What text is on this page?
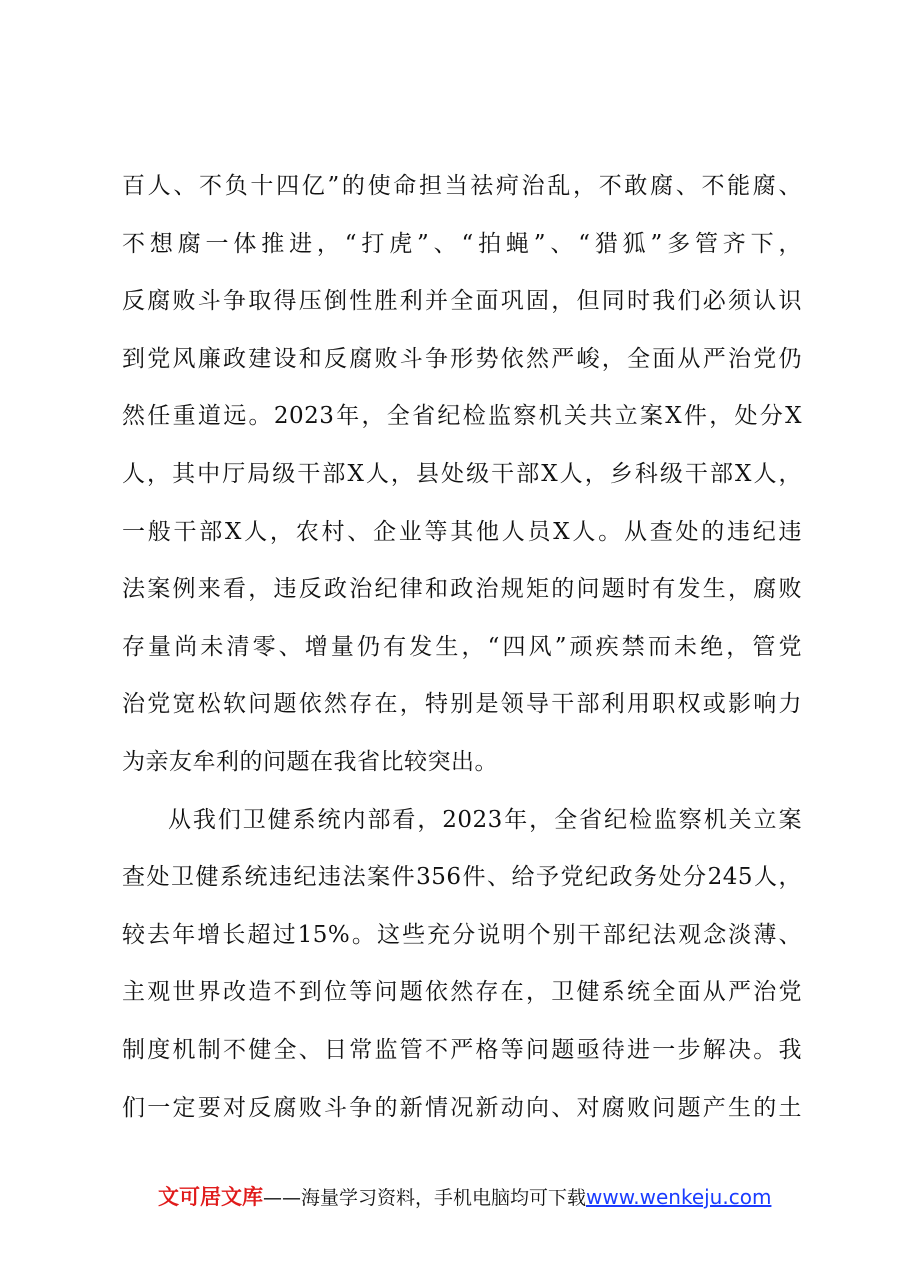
百人、不负十四亿”的使命担当祛疴治乱，不敢腐、不能腐、
不想腐一体推进，“打虎”、“拍蝇”、“猎狐”多管齐下，
反腐败斗争取得压倒性胜利并全面巩固，但同时我们必须认识
到党风廉政建设和反腐败斗争形势依然严峻，全面从严治党仍
然任重道远。2023年，全省纪检监察机关共立案X件，处分X
人，其中厅局级干部X人，县处级干部X人，乡科级干部X人，
一般干部X人，农村、企业等其他人员X人。从查处的违纪违
法案例来看，违反政治纪律和政治规矩的问题时有发生，腐败
存量尚未清零、增量仍有发生，“四风”顽疾禁而未绝，管党
治党宽松软问题依然存在，特别是领导干部利用职权或影响力
为亲友牟利的问题在我省比较突出。
从我们卫健系统内部看，2023年，全省纪检监察机关立案
查处卫健系统违纪违法案件356件、给予党纪政务处分245人，
较去年增长超过15%。这些充分说明个别干部纪法观念淡薄、
主观世界改造不到位等问题依然存在，卫健系统全面从严治党
制度机制不健全、日常监管不严格等问题亟待进一步解决。我
们一定要对反腐败斗争的新情况新动向、对腐败问题产生的土
文可居文库——海量学习资料，手机电脑均可下载www.wenkeju.com
